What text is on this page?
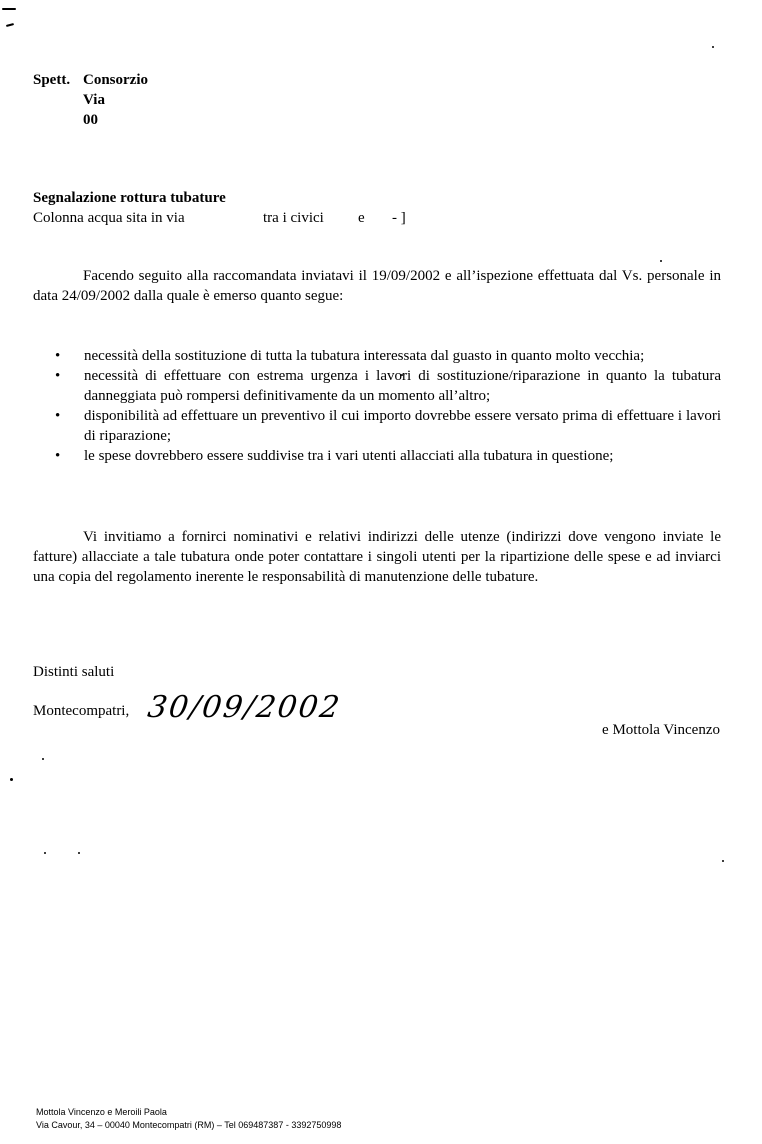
Spett. Consorzio
Via
00
Segnalazione rottura tubature
Colonna acqua sita in via	tra i civici e - ]

Facendo seguito alla raccomandata inviatavi il 19/09/2002 e all’ispezione effettuata dal Vs. personale in data 24/09/2002 dalla quale è emerso quanto segue:

• necessità della sostituzione di tutta la tubatura interessata dal guasto in quanto molto vecchia;
• necessità di effettuare con estrema urgenza i lavori di sostituzione/riparazione in quanto la tubatura danneggiata può rompersi definitivamente da un momento all’altro;
• disponibilità ad effettuare un preventivo il cui importo dovrebbe essere versato prima di effettuare i lavori di riparazione;
• le spese dovrebbero essere suddivise tra i vari utenti allacciati alla tubatura in questione;

Vi invitiamo a fornirci nominativi e relativi indirizzi delle utenze (indirizzi dove vengono inviate le fatture) allacciate a tale tubatura onde poter contattare i singoli utenti per la ripartizione delle spese e ad inviarci una copia del regolamento inerente le responsabilità di manutenzione delle tubature.

Distinti saluti
Montecompatri, 30/09/2002
e Mottola Vincenzo
Mottola Vincenzo e Meroili Paola
Via Cavour, 34 – 00040 Montecompatri (RM) – Tel 069487387 - 3392750998
